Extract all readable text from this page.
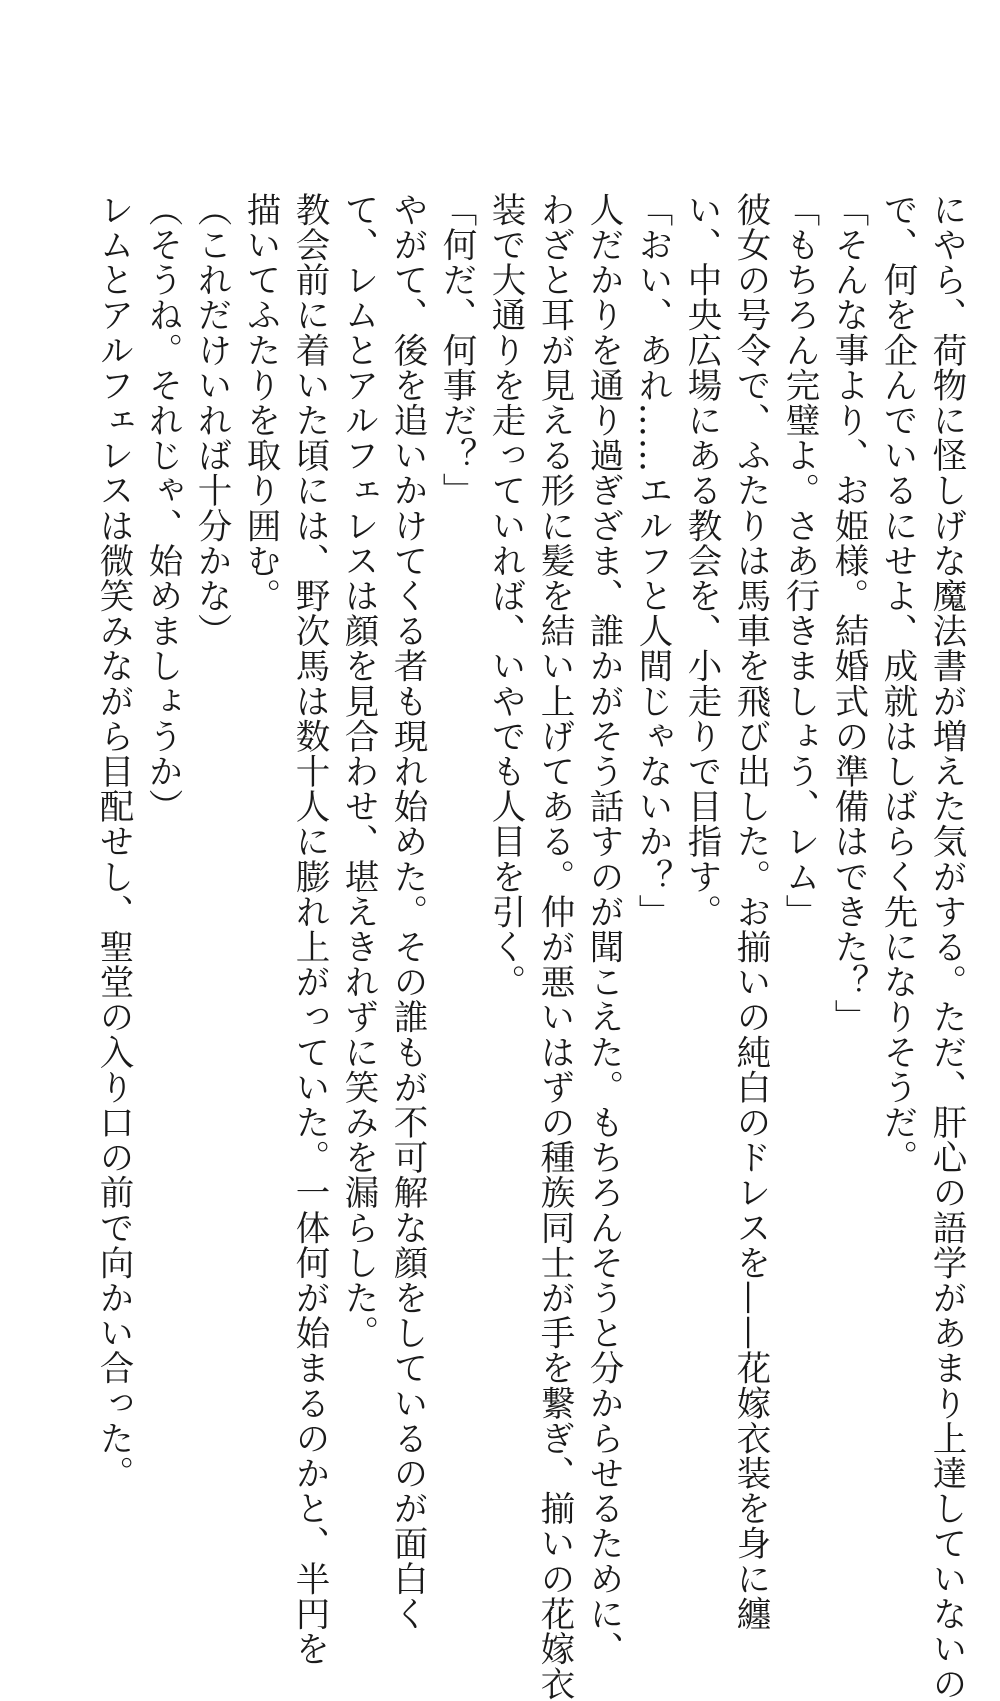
にやら、荷物に怪しげな魔法書が増えた気がする。ただ、肝心の語学があまり上達していないの
で、何を企んでいるにせよ、成就はしばらく先になりそうだ。
「そんな事より、お姫様。結婚式の準備はできた？」
「もちろん完璧よ。さあ行きましょう、レム」
彼女の号令で、ふたりは馬車を飛び出した。お揃いの純白のドレスを——花嫁衣装を身に纏
い、中央広場にある教会を、小走りで目指す。
「おい、あれ……エルフと人間じゃないか？」
人だかりを通り過ぎざま、誰かがそう話すのが聞こえた。もちろんそうと分からせるために、
わざと耳が見える形に髪を結い上げてある。仲が悪いはずの種族同士が手を繋ぎ、揃いの花嫁衣
装で大通りを走っていれば、いやでも人目を引く。
「何だ、何事だ？」
やがて、後を追いかけてくる者も現れ始めた。その誰もが不可解な顔をしているのが面白く
て、レムとアルフェレスは顔を見合わせ、堪えきれずに笑みを漏らした。
教会前に着いた頃には、野次馬は数十人に膨れ上がっていた。一体何が始まるのかと、半円を
描いてふたりを取り囲む。
（これだけいれば十分かな）
（そうね。それじゃ、始めましょうか）
レムとアルフェレスは微笑みながら目配せし、聖堂の入り口の前で向かい合った。
